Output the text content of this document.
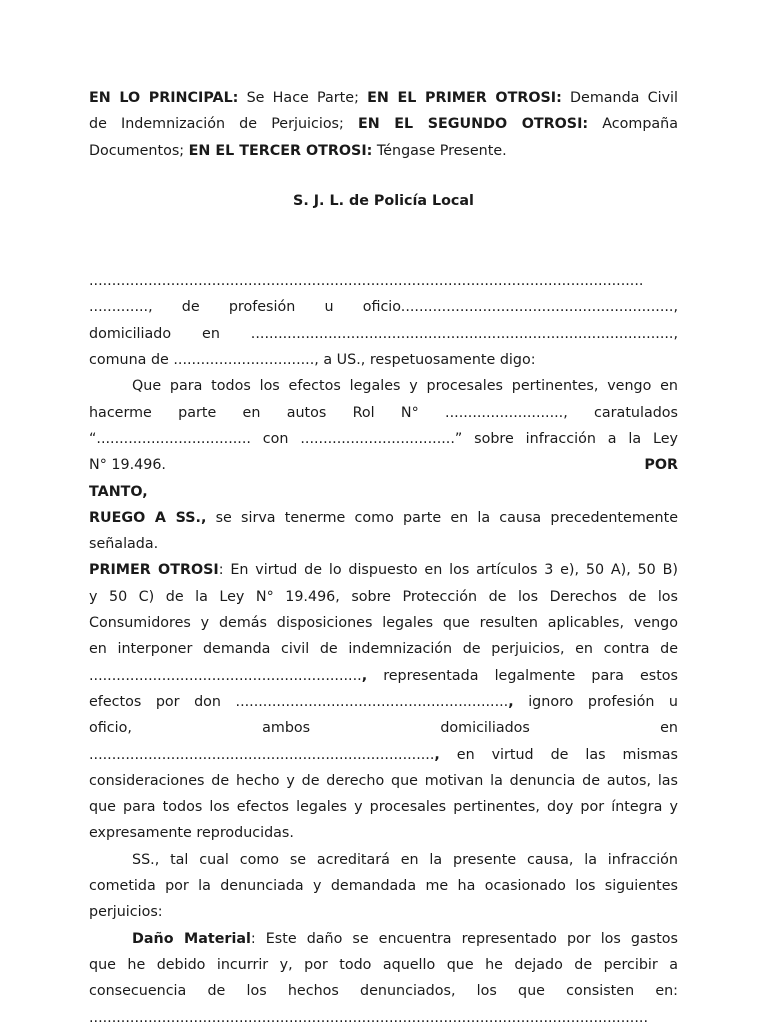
EN LO PRINCIPAL: Se Hace Parte; EN EL PRIMER OTROSI: Demanda Civil
de Indemnización de Perjuicios; EN EL SEGUNDO OTROSI: Acompaña
Documentos; EN EL TERCER OTROSI: Téngase Presente.
S. J. L. de Policía Local
..........................................................................................................................
............., de profesión u oficio............................................................,
domiciliado en .............................................................................................,
comuna de ..............................., a US., respetuosamente digo:
Que para todos los efectos legales y procesales pertinentes, vengo en
hacerme parte en autos Rol N° .........................., caratulados
“.................................. con ..................................” sobre infracción a la Ley
N° 19.496.	POR
TANTO,
RUEGO A SS., se sirva tenerme como parte en la causa precedentemente
señalada.
PRIMER OTROSI: En virtud de lo dispuesto en los artículos 3 e), 50 A), 50 B)
y 50 C) de la Ley N° 19.496, sobre Protección de los Derechos de los
Consumidores y demás disposiciones legales que resulten aplicables, vengo
en interponer demanda civil de indemnización de perjuicios, en contra de
............................................................, representada legalmente para estos
efectos por don ............................................................, ignoro profesión u
oficio, ambos domiciliados en
............................................................................, en virtud de las mismas
consideraciones de hecho y de derecho que motivan la denuncia de autos, las
que para todos los efectos legales y procesales pertinentes, doy por íntegra y
expresamente reproducidas.
SS., tal cual como se acreditará en la presente causa, la infracción
cometida por la denunciada y demandada me ha ocasionado los siguientes
perjuicios:
Daño Material: Este daño se encuentra representado por los gastos
que he debido incurrir y, por todo aquello que he dejado de percibir a
consecuencia de los hechos denunciados, los que consisten en:
...........................................................................................................................
